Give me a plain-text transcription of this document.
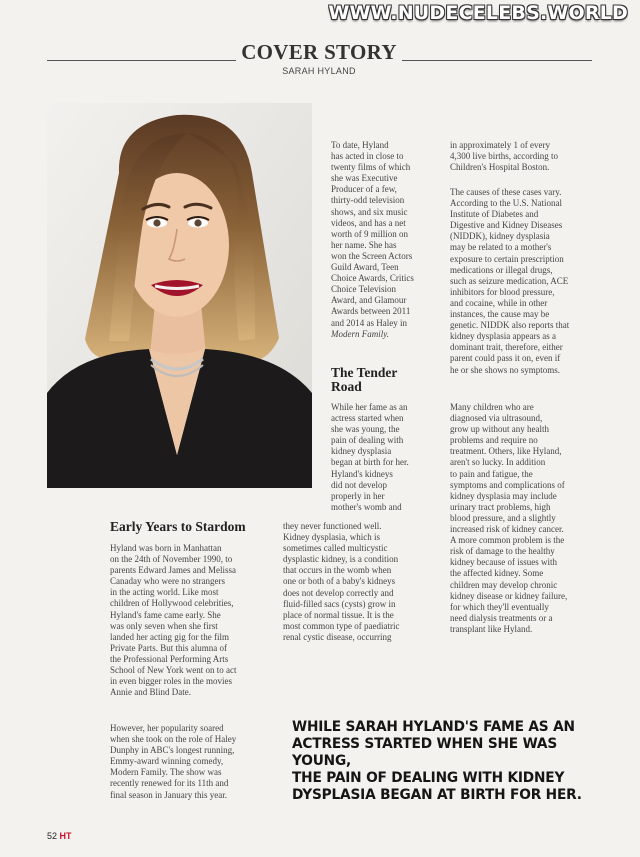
WWW.NUDECELEBS.WORLD
COVER STORY
SARAH HYLAND
Early Years to Stardom

Hyland was born in Manhattan

on the 24th of November 1990, to

parents Edward James and Melissa

Canaday who were no strangers

in the acting world. Like most

children of Hollywood celebrities,

Hyland's fame came early. She

was only seven when she first

landed her acting gig for the film

Private Parts. But this alumna of

the Professional Performing Arts

School of New York went on to act

in even bigger roles in the movies

Annie and Blind Date.

However, her popularity soared

when she took on the role of Haley

Dunphy in ABC's longest running,

Emmy-award winning comedy,

Modern Family. The show was

recently renewed for its 11th and

final season in January this year.

To date, Hyland

has acted in close to

twenty films of which

she was Executive

Producer of a few,

thirty-odd television

shows, and six music

videos, and has a net

worth of 9 million on

her name. She has

won the Screen Actors

Guild Award, Teen

Choice Awards, Critics

Choice Television

Award, and Glamour

Awards between 2011

and 2014 as Haley in

Modern Family.

The Tender
Road

While her fame as an

actress started when

she was young, the

pain of dealing with

kidney dysplasia

began at birth for her.

Hyland's kidneys

did not develop

properly in her

mother's womb and

they never functioned well.

Kidney dysplasia, which is

sometimes called multicystic

dysplastic kidney, is a condition

that occurs in the womb when

one or both of a baby's kidneys

does not develop correctly and

fluid-filled sacs (cysts) grow in

place of normal tissue. It is the

most common type of paediatric

renal cystic disease, occurring

in approximately 1 of every

4,300 live births, according to

Children's Hospital Boston.

The causes of these cases vary.

According to the U.S. National

Institute of Diabetes and

Digestive and Kidney Diseases

(NIDDK), kidney dysplasia

may be related to a mother's

exposure to certain prescription

medications or illegal drugs,

such as seizure medication, ACE

inhibitors for blood pressure,

and cocaine, while in other

instances, the cause may be

genetic. NIDDK also reports that

kidney dysplasia appears as a

dominant trait, therefore, either

parent could pass it on, even if

he or she shows no symptoms.

Many children who are

diagnosed via ultrasound,

grow up without any health

problems and require no

treatment. Others, like Hyland,

aren't so lucky. In addition

to pain and fatigue, the

symptoms and complications of

kidney dysplasia may include

urinary tract problems, high

blood pressure, and a slightly

increased risk of kidney cancer.

A more common problem is the

risk of damage to the healthy

kidney because of issues with

the affected kidney. Some

children may develop chronic

kidney disease or kidney failure,

for which they'll eventually

need dialysis treatments or a

transplant like Hyland.

WHILE SARAH HYLAND'S FAME AS AN
ACTRESS STARTED WHEN SHE WAS YOUNG,
THE PAIN OF DEALING WITH KIDNEY
DYSPLASIA BEGAN AT BIRTH FOR HER.
52 HT
